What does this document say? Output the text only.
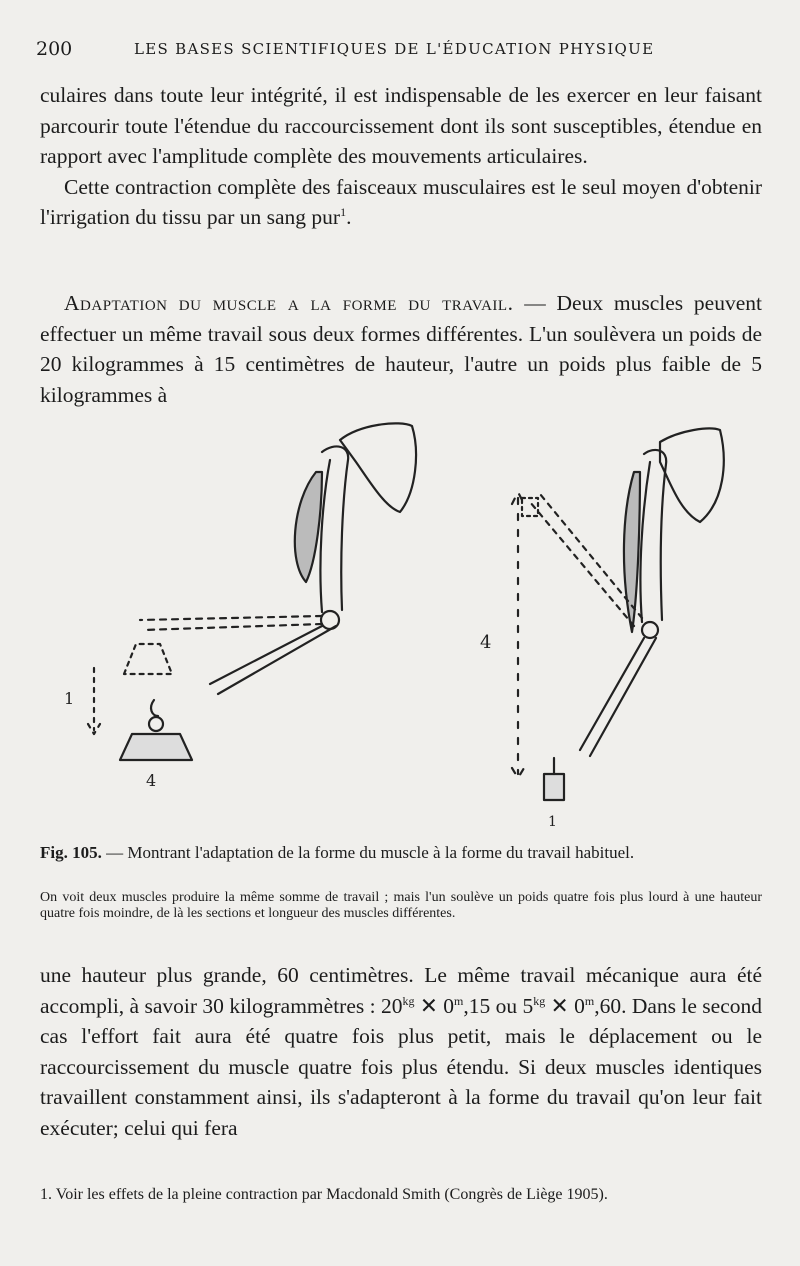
200	LES BASES SCIENTIFIQUES DE L'ÉDUCATION PHYSIQUE

culaires dans toute leur intégrité, il est indispensable de les exercer en leur faisant parcourir toute l'étendue du raccourcissement dont ils sont susceptibles, étendue en rapport avec l'amplitude complète des mouvements articulaires.

Cette contraction complète des faisceaux musculaires est le seul moyen d'obtenir l'irrigation du tissu par un sang pur$^1$.

Adaptation du muscle a la forme du travail. — Deux muscles peuvent effectuer un même travail sous deux formes différentes. L'un soulèvera un poids de 20 kilogrammes à 15 centimètres de hauteur, l'autre un poids plus faible de 5 kilogrammes à

1
4
4
1
Fig. 105. — Montrant l'adaptation de la forme du muscle à la forme du travail habituel.
On voit deux muscles produire la même somme de travail ; mais l'un soulève un poids quatre fois plus lourd à une hauteur quatre fois moindre, de là les sections et longueur des muscles différentes.

une hauteur plus grande, 60 centimètres. Le même travail mécanique aura été accompli, à savoir 30 kilogrammètres : $20^{kg}$ ✕ 0$^m$,15 ou $5^{kg}$ ✕ 0$^m$,60. Dans le second cas l'effort fait aura été quatre fois plus petit, mais le déplacement ou le raccourcissement du muscle quatre fois plus étendu. Si deux muscles identiques travaillent constamment ainsi, ils s'adapteront à la forme du travail qu'on leur fait exécuter; celui qui fera

1. Voir les effets de la pleine contraction par Macdonald Smith (Congrès de Liège 1905).
